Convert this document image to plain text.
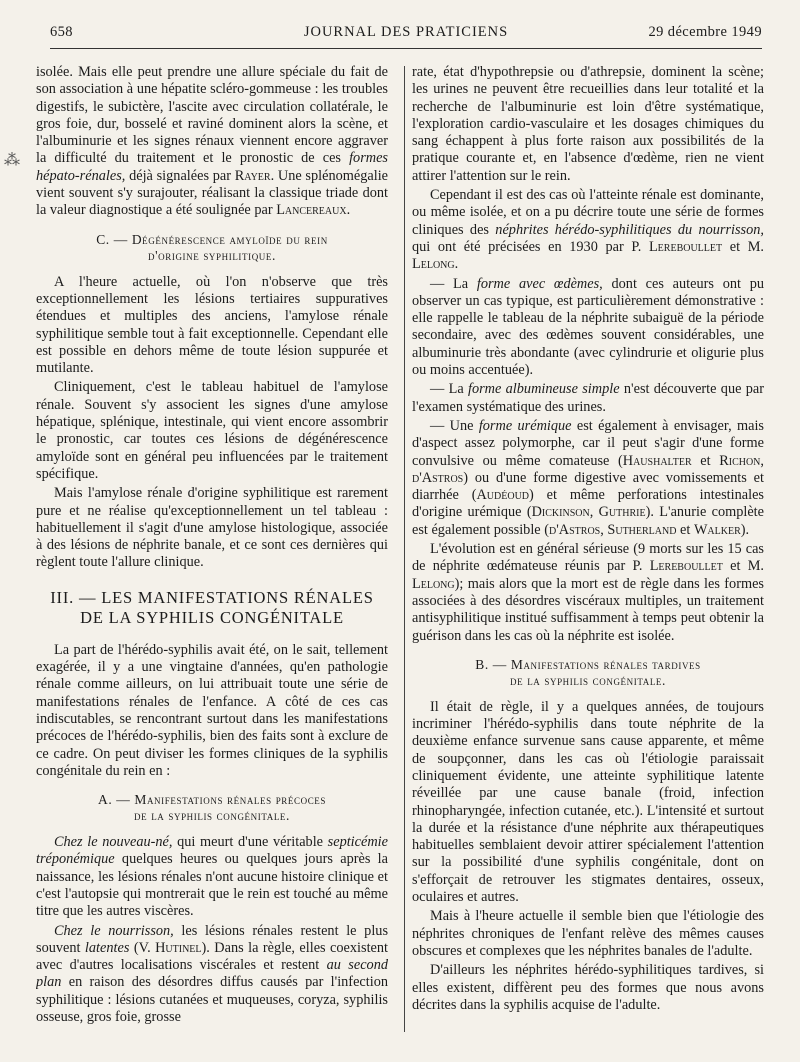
658	JOURNAL DES PRATICIENS	29 décembre 1949
⁂

isolée. Mais elle peut prendre une allure spéciale du fait de son association à une hépatite scléro-gommeuse : les troubles digestifs, le subictère, l'ascite avec circulation collatérale, le gros foie, dur, bosselé et raviné dominent alors la scène, et l'albuminurie et les signes rénaux viennent encore aggraver la difficulté du traitement et le pronostic de ces formes hépato-rénales, déjà signalées par Rayer. Une splénomégalie vient souvent s'y surajouter, réalisant la classique triade dont la valeur diagnostique a été soulignée par Lancereaux.

C. — Dégénérescence amyloïde du rein
d'origine syphilitique.

A l'heure actuelle, où l'on n'observe que très exceptionnellement les lésions tertiaires suppuratives étendues et multiples des anciens, l'amylose rénale syphilitique semble tout à fait exceptionnelle. Cependant elle est possible en dehors même de toute lésion suppurée et mutilante.

Cliniquement, c'est le tableau habituel de l'amylose rénale. Souvent s'y associent les signes d'une amylose hépatique, splénique, intestinale, qui vient encore assombrir le pronostic, car toutes ces lésions de dégénérescence amyloïde sont en général peu influencées par le traitement spécifique.

Mais l'amylose rénale d'origine syphilitique est rarement pure et ne réalise qu'exceptionnellement un tel tableau : habituellement il s'agit d'une amylose histologique, associée à des lésions de néphrite banale, et ce sont ces dernières qui règlent toute l'allure clinique.

III. — LES MANIFESTATIONS RÉNALES
DE LA SYPHILIS CONGÉNITALE

La part de l'hérédo-syphilis avait été, on le sait, tellement exagérée, il y a une vingtaine d'années, qu'en pathologie rénale comme ailleurs, on lui attribuait toute une série de manifestations rénales de l'enfance. A côté de ces cas indiscutables, se rencontrant surtout dans les manifestations précoces de l'hérédo-syphilis, bien des faits sont à exclure de ce cadre. On peut diviser les formes cliniques de la syphilis congénitale du rein en :

A. — Manifestations rénales précoces
de la syphilis congénitale.

Chez le nouveau-né, qui meurt d'une véritable septicémie tréponémique quelques heures ou quelques jours après la naissance, les lésions rénales n'ont aucune histoire clinique et c'est l'autopsie qui montrerait que le rein est touché au même titre que les autres viscères.

Chez le nourrisson, les lésions rénales restent le plus souvent latentes (V. Hutinel). Dans la règle, elles coexistent avec d'autres localisations viscérales et restent au second plan en raison des désordres diffus causés par l'infection syphilitique : lésions cutanées et muqueuses, coryza, syphilis osseuse, gros foie, grosse

rate, état d'hypothrepsie ou d'athrepsie, dominent la scène; les urines ne peuvent être recueillies dans leur totalité et la recherche de l'albuminurie est loin d'être systématique, l'exploration cardio-vasculaire et les dosages chimiques du sang échappent à plus forte raison aux possibilités de la pratique courante et, en l'absence d'œdème, rien ne vient attirer l'attention sur le rein.

Cependant il est des cas où l'atteinte rénale est dominante, ou même isolée, et on a pu décrire toute une série de formes cliniques des néphrites hérédo-syphilitiques du nourrisson, qui ont été précisées en 1930 par P. Lereboullet et M. Lelong.

— La forme avec œdèmes, dont ces auteurs ont pu observer un cas typique, est particulièrement démonstrative : elle rappelle le tableau de la néphrite subaiguë de la période secondaire, avec des œdèmes souvent considérables, une albuminurie très abondante (avec cylindrurie et oligurie plus ou moins accentuée).

— La forme albumineuse simple n'est découverte que par l'examen systématique des urines.

— Une forme urémique est également à envisager, mais d'aspect assez polymorphe, car il peut s'agir d'une forme convulsive ou même comateuse (Haushalter et Richon, d'Astros) ou d'une forme digestive avec vomissements et diarrhée (Audéoud) et même perforations intestinales d'origine urémique (Dickinson, Guthrie). L'anurie complète est également possible (d'Astros, Sutherland et Walker).

L'évolution est en général sérieuse (9 morts sur les 15 cas de néphrite œdémateuse réunis par P. Lereboullet et M. Lelong); mais alors que la mort est de règle dans les formes associées à des désordres viscéraux multiples, un traitement antisyphilitique institué suffisamment à temps peut obtenir la guérison dans les cas où la néphrite est isolée.

B. — Manifestations rénales tardives
de la syphilis congénitale.

Il était de règle, il y a quelques années, de toujours incriminer l'hérédo-syphilis dans toute néphrite de la deuxième enfance survenue sans cause apparente, et même de soupçonner, dans les cas où l'étiologie paraissait cliniquement évidente, une atteinte syphilitique latente réveillée par une cause banale (froid, infection rhinopharyngée, infection cutanée, etc.). L'intensité et surtout la durée et la résistance d'une néphrite aux thérapeutiques habituelles semblaient devoir attirer spécialement l'attention sur la possibilité d'une syphilis congénitale, dont on s'efforçait de retrouver les stigmates dentaires, osseux, oculaires et autres.

Mais à l'heure actuelle il semble bien que l'étiologie des néphrites chroniques de l'enfant relève des mêmes causes obscures et complexes que les néphrites banales de l'adulte.

D'ailleurs les néphrites hérédo-syphilitiques tardives, si elles existent, diffèrent peu des formes que nous avons décrites dans la syphilis acquise de l'adulte.
